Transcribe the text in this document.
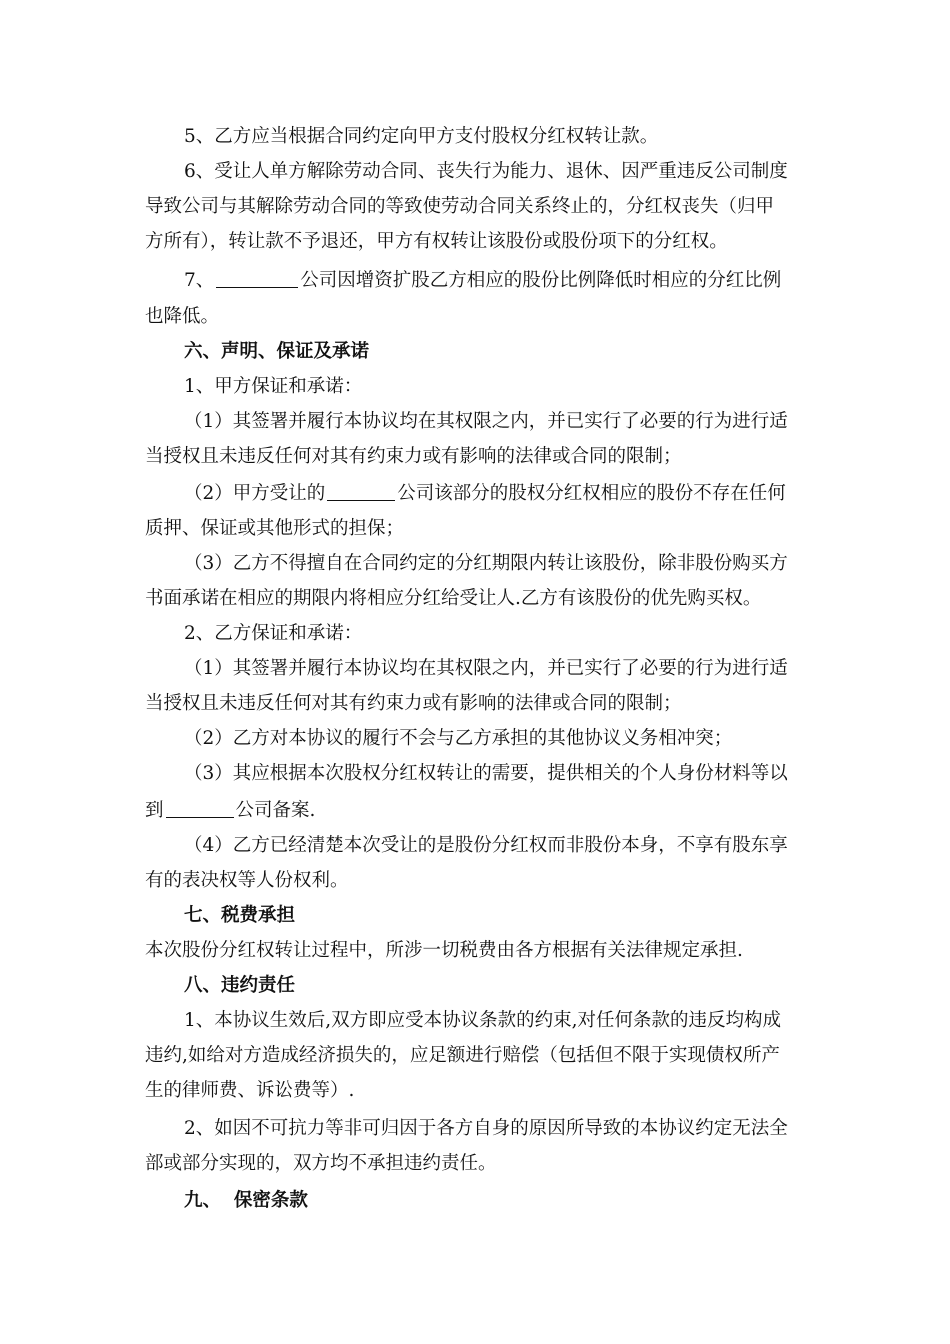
5、乙方应当根据合同约定向甲方支付股权分红权转让款。
6、受让人单方解除劳动合同、丧失行为能力、退休、因严重违反公司制度
导致公司与其解除劳动合同的等致使劳动合同关系终止的，分红权丧失（归甲
方所有），转让款不予退还，甲方有权转让该股份或股份项下的分红权。
7、	公司因增资扩股乙方相应的股份比例降低时相应的分红比例
也降低。
六、声明、保证及承诺
1、甲方保证和承诺：
（1）其签署并履行本协议均在其权限之内，并已实行了必要的行为进行适
当授权且未违反任何对其有约束力或有影响的法律或合同的限制；
（2）甲方受让的	公司该部分的股权分红权相应的股份不存在任何
质押、保证或其他形式的担保；
（3）乙方不得擅自在合同约定的分红期限内转让该股份，除非股份购买方
书面承诺在相应的期限内将相应分红给受让人.乙方有该股份的优先购买权。
2、乙方保证和承诺：
（1）其签署并履行本协议均在其权限之内，并已实行了必要的行为进行适
当授权且未违反任何对其有约束力或有影响的法律或合同的限制；
（2）乙方对本协议的履行不会与乙方承担的其他协议义务相冲突；
（3）其应根据本次股权分红权转让的需要，提供相关的个人身份材料等以
到	公司备案.
（4）乙方已经清楚本次受让的是股份分红权而非股份本身，不享有股东享
有的表决权等人份权利。
七、税费承担
本次股份分红权转让过程中，所涉一切税费由各方根据有关法律规定承担.
八、违约责任
1、本协议生效后,双方即应受本协议条款的约束,对任何条款的违反均构成
违约,如给对方造成经济损失的，应足额进行赔偿（包括但不限于实现债权所产
生的律师费、诉讼费等）.
2、如因不可抗力等非可归因于各方自身的原因所导致的本协议约定无法全
部或部分实现的，双方均不承担违约责任。
九、  保密条款
